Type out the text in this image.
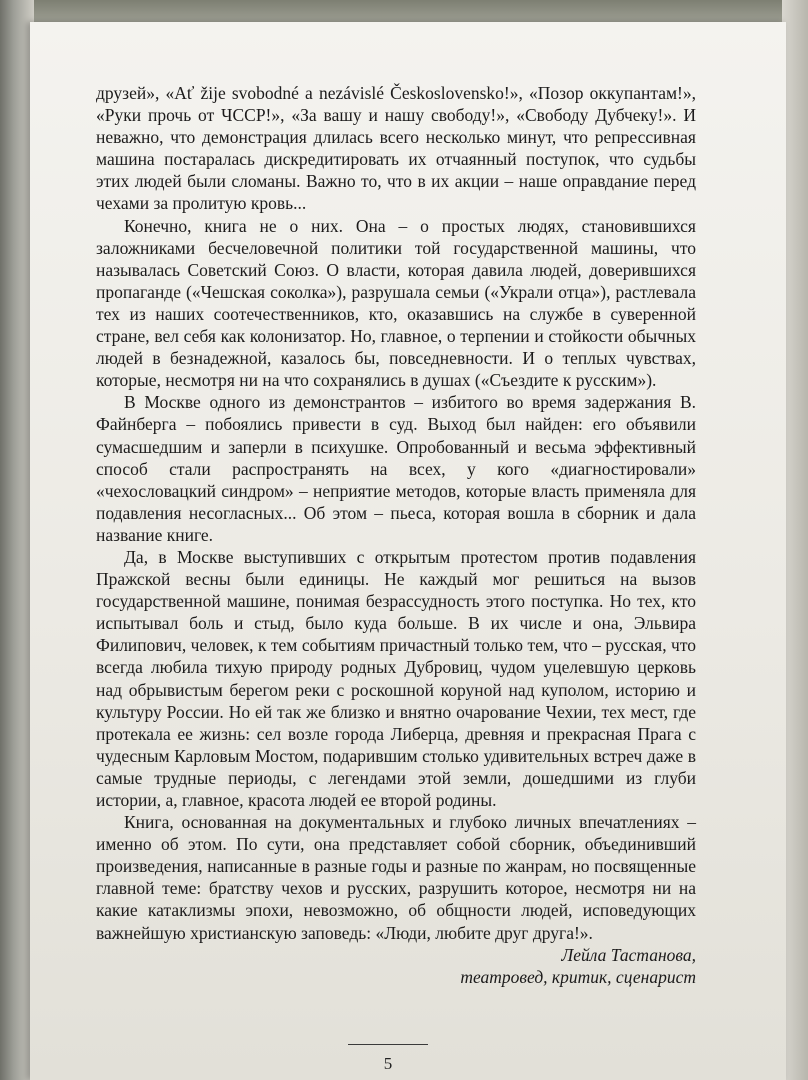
друзей», «Ať žije svobodné a nezávislé Československo!», «Позор оккупантам!», «Руки прочь от ЧССР!», «За вашу и нашу свободу!», «Свободу Дубчеку!». И неважно, что демонстрация длилась всего несколько минут, что репрессивная машина постаралась дискредитировать их отчаянный поступок, что судьбы этих людей были сломаны. Важно то, что в их акции – наше оправдание перед чехами за пролитую кровь...

Конечно, книга не о них. Она – о простых людях, становившихся заложниками бесчеловечной политики той государственной машины, что называлась Советский Союз. О власти, которая давила людей, доверившихся пропаганде («Чешская соколка»), разрушала семьи («Украли отца»), растлевала тех из наших соотечественников, кто, оказавшись на службе в суверенной стране, вел себя как колонизатор. Но, главное, о терпении и стойкости обычных людей в безнадежной, казалось бы, повседневности. И о теплых чувствах, которые, несмотря ни на что сохранялись в душах («Съездите к русским»).

В Москве одного из демонстрантов – избитого во время задержания В. Файнберга – побоялись привести в суд. Выход был найден: его объявили сумасшедшим и заперли в психушке. Опробованный и весьма эффективный способ стали распространять на всех, у кого «диагностировали» «чехословацкий синдром» – неприятие методов, которые власть применяла для подавления несогласных... Об этом – пьеса, которая вошла в сборник и дала название книге.

Да, в Москве выступивших с открытым протестом против подавления Пражской весны были единицы. Не каждый мог решиться на вызов государственной машине, понимая безрассудность этого поступка. Но тех, кто испытывал боль и стыд, было куда больше. В их числе и она, Эльвира Филипович, человек, к тем событиям причастный только тем, что – русская, что всегда любила тихую природу родных Дубровиц, чудом уцелевшую церковь над обрывистым берегом реки с роскошной коруной над куполом, историю и культуру России. Но ей так же близко и внятно очарование Чехии, тех мест, где протекала ее жизнь: сел возле города Либерца, древняя и прекрасная Прага с чудесным Карловым Мостом, подарившим столько удивительных встреч даже в самые трудные периоды, с легендами этой земли, дошедшими из глуби истории, а, главное, красота людей ее второй родины.

Книга, основанная на документальных и глубоко личных впечатлениях – именно об этом. По сути, она представляет собой сборник, объединивший произведения, написанные в разные годы и разные по жанрам, но посвященные главной теме: братству чехов и русских, разрушить которое, несмотря ни на какие катаклизмы эпохи, невозможно, об общности людей, исповедующих важнейшую христианскую заповедь: «Люди, любите друг друга!».

Лейла Тастанова,

театровед, критик, сценарист

5
